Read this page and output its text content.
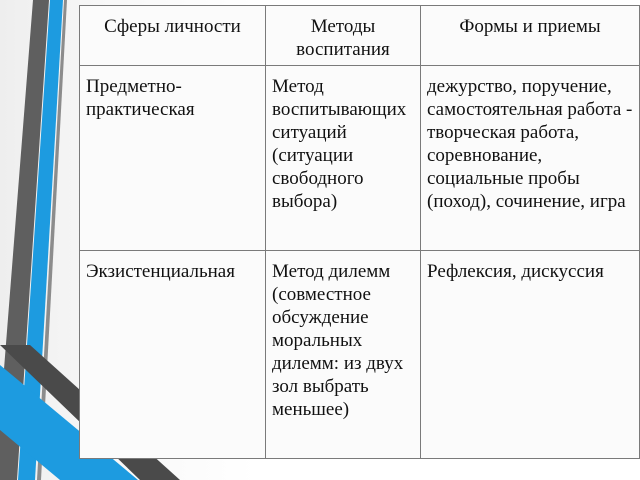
Сферы личности	Методы воспитания	Формы и приемы
Предметно-практическая	Метод воспитывающих ситуаций (ситуации свободного выбора)	дежурство, поручение, самостоятельная работа - творческая работа, соревнование, социальные пробы (поход), сочинение, игра
Экзистенциальная	Метод дилемм (совместное обсуждение моральных дилемм: из двух зол выбрать меньшее)	Рефлексия, дискуссия
